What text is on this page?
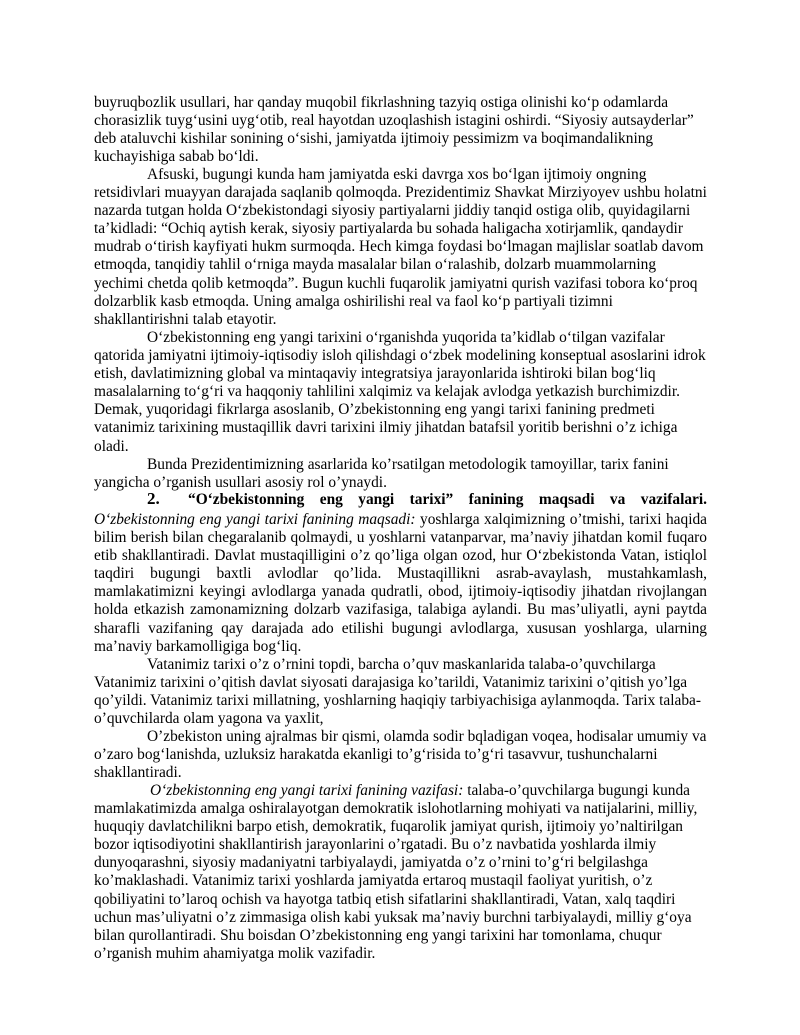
buyruqbozlik usullari, har qanday muqobil fikrlashning tazyiq ostiga olinishi ko‘p odamlarda chorasizlik tuyg‘usini uyg‘otib, real hayotdan uzoqlashish istagini oshirdi. “Siyosiy autsayderlar” deb ataluvchi kishilar sonining o‘sishi, jamiyatda ijtimoiy pessimizm va boqimandalikning kuchayishiga sabab bo‘ldi.

Afsuski, bugungi kunda ham jamiyatda eski davrga xos bo‘lgan ijtimoiy ongning retsidivlari muayyan darajada saqlanib qolmoqda. Prezidentimiz Shavkat Mirziyoyev ushbu holatni nazarda tutgan holda O‘zbekistondagi siyosiy partiyalarni jiddiy tanqid ostiga olib, quyidagilarni ta’kidladi: “Ochiq aytish kerak, siyosiy partiyalarda bu sohada haligacha xotirjamlik, qandaydir mudrab o‘tirish kayfiyati hukm surmoqda. Hech kimga foydasi bo‘lmagan majlislar soatlab davom etmoqda, tanqidiy tahlil o‘rniga mayda masalalar bilan o‘ralashib, dolzarb muammolarning yechimi chetda qolib ketmoqda”. Bugun kuchli fuqarolik jamiyatni qurish vazifasi tobora ko‘proq dolzarblik kasb etmoqda. Uning amalga oshirilishi real va faol ko‘p partiyali tizimni shakllantirishni talab etayotir.

O‘zbekistonning eng yangi tarixini o‘rganishda yuqorida ta’kidlab o‘tilgan vazifalar qatorida jamiyatni ijtimoiy-iqtisodiy isloh qilishdagi o‘zbek modelining konseptual asoslarini idrok etish, davlatimizning global va mintaqaviy integratsiya jarayonlarida ishtiroki bilan bog‘liq masalalarning to‘g‘ri va haqqoniy tahlilini xalqimiz va kelajak avlodga yetkazish burchimizdir. Demak, yuqoridagi fikrlarga asoslanib, O’zbekistonning eng yangi tarixi fanining predmeti vatanimiz tarixining mustaqillik davri tarixini ilmiy jihatdan batafsil yoritib berishni o’z ichiga oladi.

Bunda Prezidentimizning asarlarida ko’rsatilgan metodologik tamoyillar, tarix fanini yangicha o’rganish usullari asosiy rol o’ynaydi.

2. “O‘zbekistonning eng yangi tarixi” fanining maqsadi va vazifalari.

O‘zbekistonning eng yangi tarixi fanining maqsadi: yoshlarga xalqimizning o’tmishi, tarixi haqida bilim berish bilan chegaralanib qolmaydi, u yoshlarni vatanparvar, ma’naviy jihatdan komil fuqaro etib shakllantiradi. Davlat mustaqilligini o’z qo’liga olgan ozod, hur O‘zbekistonda Vatan, istiqlol taqdiri bugungi baxtli avlodlar qo’lida. Mustaqillikni asrab-avaylash, mustahkamlash, mamlakatimizni keyingi avlodlarga yanada qudratli, obod, ijtimoiy-iqtisodiy jihatdan rivojlangan holda etkazish zamonamizning dolzarb vazifasiga, talabiga aylandi. Bu mas’uliyatli, ayni paytda sharafli vazifaning qay darajada ado etilishi bugungi avlodlarga, xususan yoshlarga, ularning ma’naviy barkamolligiga bog‘liq.

Vatanimiz tarixi o’z o’rnini topdi, barcha o’quv maskanlarida talaba-o’quvchilarga Vatanimiz tarixini o’qitish davlat siyosati darajasiga ko’tarildi, Vatanimiz tarixini o’qitish yo’lga qo’yildi. Vatanimiz tarixi millatning, yoshlarning haqiqiy tarbiyachisiga aylanmoqda. Tarix talaba-o’quvchilarda olam yagona va yaxlit,

O’zbekiston uning ajralmas bir qismi, olamda sodir bqladigan voqea, hodisalar umumiy va o’zaro bog‘lanishda, uzluksiz harakatda ekanligi to’g‘risida to’g‘ri tasavvur, tushunchalarni shakllantiradi.

O‘zbekistonning eng yangi tarixi fanining vazifasi: talaba-o’quvchilarga bugungi kunda mamlakatimizda amalga oshiralayotgan demokratik islohotlarning mohiyati va natijalarini, milliy, huquqiy davlatchilikni barpo etish, demokratik, fuqarolik jamiyat qurish, ijtimoiy yo’naltirilgan bozor iqtisodiyotini shakllantirish jarayonlarini o’rgatadi. Bu o’z navbatida yoshlarda ilmiy dunyoqarashni, siyosiy madaniyatni tarbiyalaydi, jamiyatda o’z o’rnini to’g‘ri belgilashga ko’maklashadi. Vatanimiz tarixi yoshlarda jamiyatda ertaroq mustaqil faoliyat yuritish, o’z qobiliyatini to’laroq ochish va hayotga tatbiq etish sifatlarini shakllantiradi, Vatan, xalq taqdiri uchun mas’uliyatni o’z zimmasiga olish kabi yuksak ma’naviy burchni tarbiyalaydi, milliy g‘oya bilan qurollantiradi. Shu boisdan O’zbekistonning eng yangi tarixini har tomonlama, chuqur o’rganish muhim ahamiyatga molik vazifadir.
